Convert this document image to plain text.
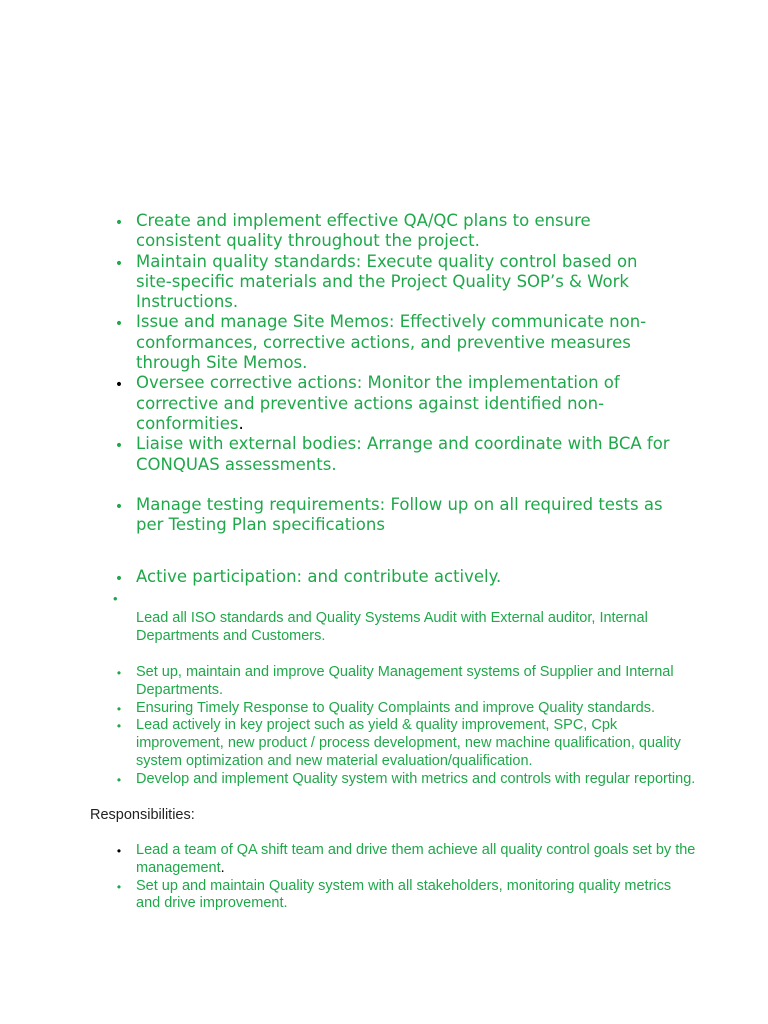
• Create and implement effective QA/QC plans to ensure consistent quality throughout the project.
• Maintain quality standards: Execute quality control based on site-specific materials and the Project Quality SOP’s & Work Instructions.
• Issue and manage Site Memos: Effectively communicate non-conformances, corrective actions, and preventive measures through Site Memos.
• Oversee corrective actions: Monitor the implementation of corrective and preventive actions against identified non-conformities.
• Liaise with external bodies: Arrange and coordinate with BCA for CONQUAS assessments.
• Manage testing requirements: Follow up on all required tests as per Testing Plan specifications
• Active participation: and contribute actively.
•
Lead all ISO standards and Quality Systems Audit with External auditor, Internal Departments and Customers.
• Set up, maintain and improve Quality Management systems of Supplier and Internal Departments.
• Ensuring Timely Response to Quality Complaints and improve Quality standards.
• Lead actively in key project such as yield & quality improvement, SPC, Cpk improvement, new product / process development, new machine qualification, quality system optimization and new material evaluation/qualification.
• Develop and implement Quality system with metrics and controls with regular reporting.
Responsibilities:
• Lead a team of QA shift team and drive them achieve all quality control goals set by the management.
• Set up and maintain Quality system with all stakeholders, monitoring quality metrics and drive improvement.
